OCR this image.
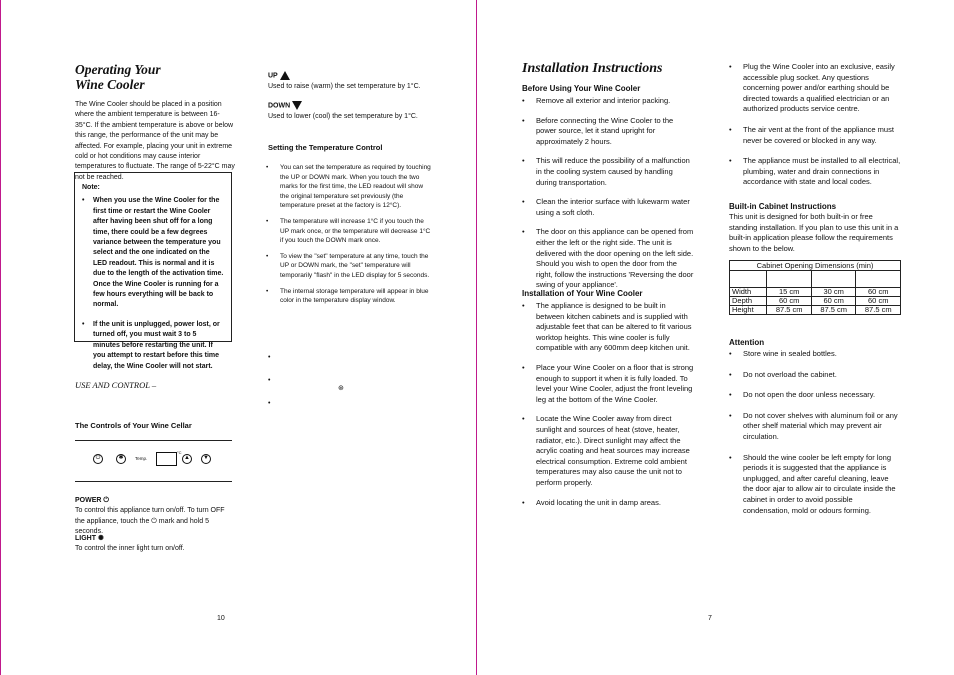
Operating Your
Wine Cooler
The Wine Cooler should be placed in a position where the ambient temperature is between 16-35°C. If the ambient temperature is above or below this range, the performance of the unit may be affected. For example, placing your unit in extreme cold or hot conditions may cause interior temperatures to fluctuate. The range of 5-22°C may not be reached.
Note:
• When you use the Wine Cooler for the first time or restart the Wine Cooler after having been shut off for a long time, there could be a few degrees variance between the temperature you select and the one indicated on the LED readout. This is normal and it is due to the length of the activation time. Once the Wine Cooler is running for a few hours everything will be back to normal.
• If the unit is unplugged, power lost, or turned off, you must wait 3 to 5 minutes before restarting the unit. If you attempt to restart before this time delay, the Wine Cooler will not start.
USE AND CONTROL –
The Controls of Your Wine Cellar
⏻	✱	Temp.
°C
▲	▼
POWER ⏻
To control this appliance turn on/off. To turn OFF the appliance, touch the ⏻ mark and hold 5 seconds.
LIGHT ✺
To control the inner light turn on/off.
10
UP
Used to raise (warm) the set temperature by 1°C.
DOWN
Used to lower (cool) the set temperature by 1°C.
Setting the Temperature Control
• You can set the temperature as required by touching the UP or DOWN mark. When you touch the two marks for the first time, the LED readout will show the original temperature set previously (the temperature preset at the factory is 12°C).
• The temperature will increase 1°C if you touch the UP mark once, or the temperature will decrease 1°C if you touch the DOWN mark once.
• To view the "set" temperature at any time, touch the UP or DOWN mark, the "set" temperature will temporarily "flash" in the LED display for 5 seconds.
• The internal storage temperature will appear in blue color in the temperature display window.
•
•
⊛
•
Installation Instructions
Before Using Your Wine Cooler
• Remove all exterior and interior packing.
• Before connecting the Wine Cooler to the power source, let it stand upright for approximately 2 hours.
• This will reduce the possibility of a malfunction in the cooling system caused by handling during transportation.
• Clean the interior surface with lukewarm water using a soft cloth.
• The door on this appliance can be opened from either the left or the right side. The unit is delivered with the door opening on the left side. Should you wish to open the door from the right, follow the instructions 'Reversing the door swing of your appliance'.
Installation of Your Wine Cooler
• The appliance is designed to be built in between kitchen cabinets and is supplied with adjustable feet that can be altered to fit various worktop heights. This wine cooler is fully compatible with any 600mm deep kitchen unit.
• Place your Wine Cooler on a floor that is strong enough to support it when it is fully loaded. To level your Wine Cooler, adjust the front leveling leg at the bottom of the Wine Cooler.
• Locate the Wine Cooler away from direct sunlight and sources of heat (stove, heater, radiator, etc.). Direct sunlight may affect the acrylic coating and heat sources may increase electrical consumption. Extreme cold ambient temperatures may also cause the unit not to perform properly.
• Avoid locating the unit in damp areas.
7
• Plug the Wine Cooler into an exclusive, easily accessible plug socket. Any questions concerning power and/or earthing should be directed towards a qualified electrician or an authorized products service centre.
• The air vent at the front of the appliance must never be covered or blocked in any way.
• The appliance must be installed to all electrical, plumbing, water and drain connections in accordance with state and local codes.
Built-in Cabinet Instructions
This unit is designed for both built-in or free standing installation. If you plan to use this unit in a built-in application please follow the requirements shown to the below.
Cabinet Opening Dimensions (min)

Width	15 cm	30 cm	60 cm
Depth	60 cm	60 cm	60 cm
Height	87.5 cm	87.5 cm	87.5 cm
Attention
• Store wine in sealed bottles.
• Do not overload the cabinet.
• Do not open the door unless necessary.
• Do not cover shelves with aluminum foil or any other shelf material which may prevent air circulation.
• Should the wine cooler be left empty for long periods it is suggested that the appliance is unplugged, and after careful cleaning, leave the door ajar to allow air to circulate inside the cabinet in order to avoid possible condensation, mold or odours forming.
